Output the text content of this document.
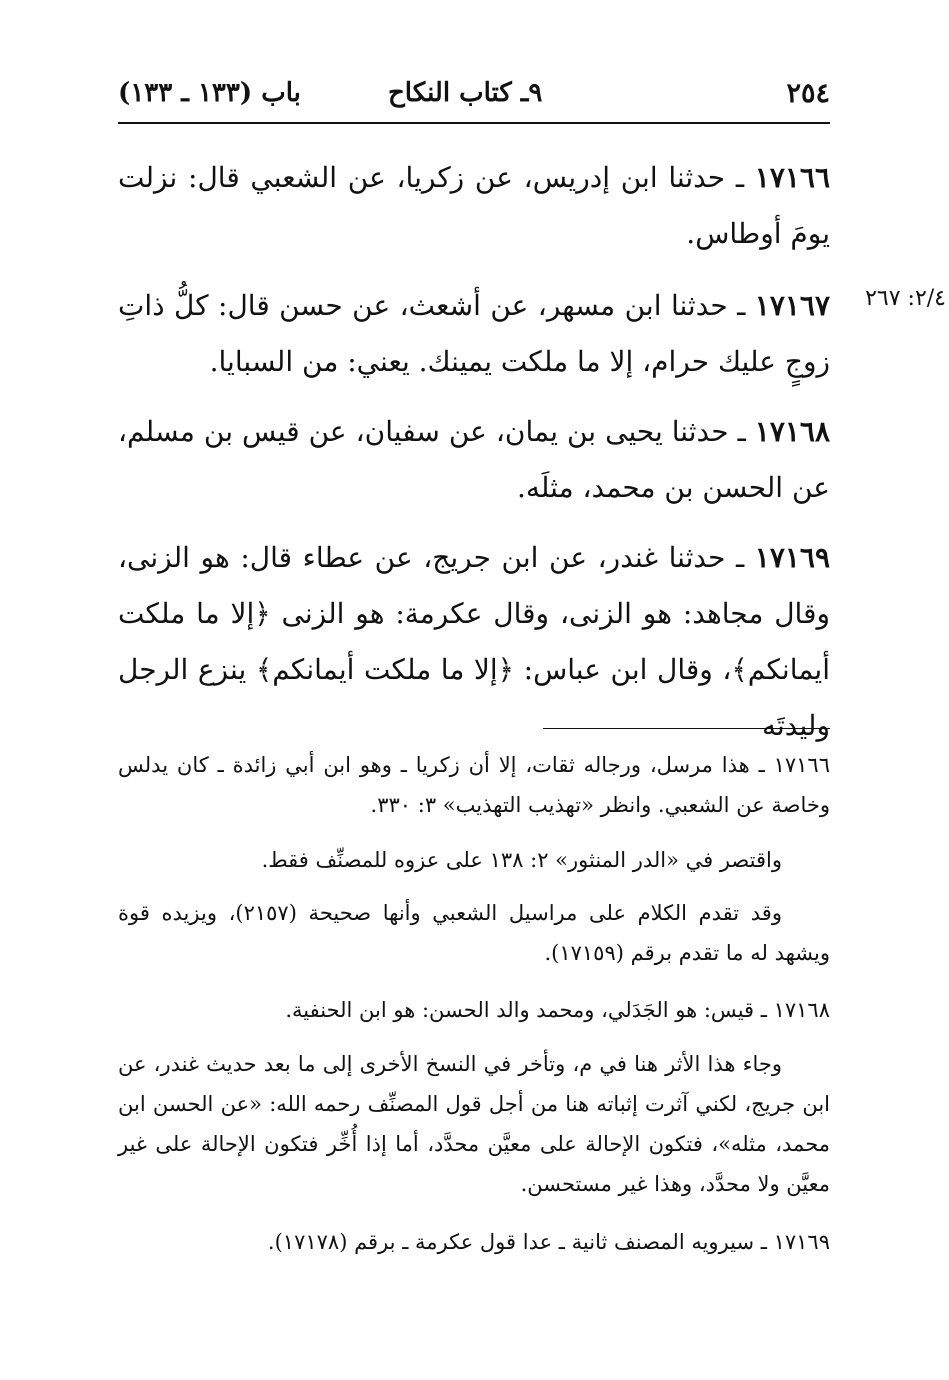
٢٥٤
٩ـ كتاب النكاح
باب (١٣٣ ـ ١٣٣)
٢/٤: ٢٦٧
١٧١٦٦ ـ حدثنا ابن إدريس، عن زكريا، عن الشعبي قال: نزلت يومَ أوطاس.
١٧١٦٧ ـ حدثنا ابن مسهر، عن أشعث، عن حسن قال: كلُّ ذاتِ زوجٍ عليك حرام، إلا ما ملكت يمينك. يعني: من السبايا.
١٧١٦٨ ـ حدثنا يحيى بن يمان، عن سفيان، عن قيس بن مسلم، عن الحسن بن محمد، مثلَه.
١٧١٦٩ ـ حدثنا غندر، عن ابن جريج، عن عطاء قال: هو الزنى، وقال مجاهد: هو الزنى، وقال عكرمة: هو الزنى ﴿إلا ما ملكت أيمانكم﴾، وقال ابن عباس: ﴿إلا ما ملكت أيمانكم﴾ ينزع الرجل وليدتَه
١٧١٦٦ ـ هذا مرسل، ورجاله ثقات، إلا أن زكريا ـ وهو ابن أبي زائدة ـ كان يدلس وخاصة عن الشعبي. وانظر «تهذيب التهذيب» ٣: ٣٣٠.
واقتصر في «الدر المنثور» ٢: ١٣٨ على عزوه للمصنِّف فقط.
وقد تقدم الكلام على مراسيل الشعبي وأنها صحيحة (٢١٥٧)، ويزيده قوة ويشهد له ما تقدم برقم (١٧١٥٩).
١٧١٦٨ ـ قيس: هو الجَدَلي، ومحمد والد الحسن: هو ابن الحنفية.
وجاء هذا الأثر هنا في م، وتأخر في النسخ الأخرى إلى ما بعد حديث غندر، عن ابن جريج، لكني آثرت إثباته هنا من أجل قول المصنِّف رحمه الله: «عن الحسن ابن محمد، مثله»، فتكون الإحالة على معيَّن محدَّد، أما إذا أُخِّر فتكون الإحالة على غير معيَّن ولا محدَّد، وهذا غير مستحسن.
١٧١٦٩ ـ سيرويه المصنف ثانية ـ عدا قول عكرمة ـ برقم (١٧١٧٨).
